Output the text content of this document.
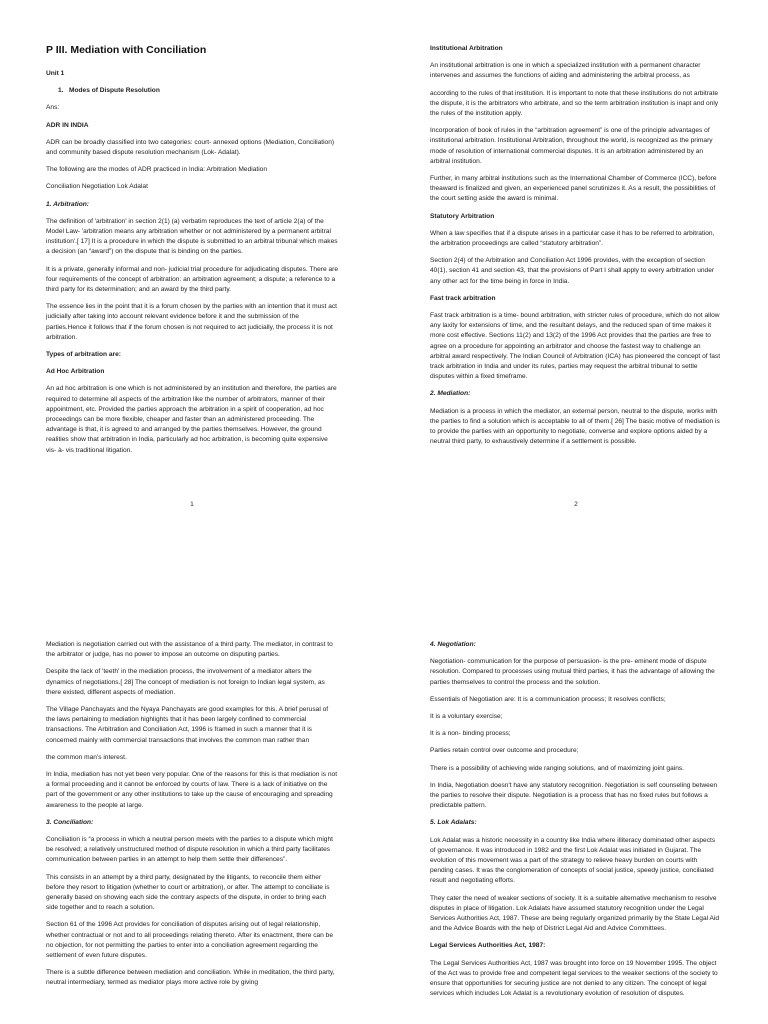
P III. Mediation with Conciliation

Unit 1

1.   Modes of Dispute Resolution

Ans:

ADR IN INDIA

ADR can be broadly classified into two categories: court- annexed options (Mediation, Conciliation) and community based dispute resolution mechanism (Lok- Adalat).

The following are the modes of ADR practiced in India: Arbitration Mediation

Conciliation Negotiation Lok Adalat

1. Arbitration:

The definition of 'arbitration' in section 2(1) (a) verbatim reproduces the text of article 2(a) of the Model Law- 'arbitration means any arbitration whether or not administered by a permanent arbitral institution'.[ 17] It is a procedure in which the dispute is submitted to an arbitral tribunal which makes a decision (an “award”) on the dispute that is binding on the parties.

It is a private, generally informal and non- judicial trial procedure for adjudicating disputes. There are four requirements of the concept of arbitration: an arbitration agreement; a dispute; a reference to a third party for its determination; and an award by the third party.

The essence lies in the point that it is a forum chosen by the parties with an intention that it must act judicially after taking into account relevant evidence before it and the submission of the parties.Hence it follows that if the forum chosen is not required to act judicially, the process it is not arbitration.

Types of arbitration are:

Ad Hoc Arbitration

An ad hoc arbitration is one which is not administered by an institution and therefore, the parties are required to determine all aspects of the arbitration like the number of arbitrators, manner of their appointment, etc. Provided the parties approach the arbitration in a spirit of cooperation, ad hoc proceedings can be more flexible, cheaper and faster than an administered proceeding. The advantage is that, it is agreed to and arranged by the parties themselves. However, the ground realities show that arbitration in India, particularly ad hoc arbitration, is becoming quite expensive vis- à- vis traditional litigation.

1

Institutional Arbitration

An institutional arbitration is one in which a specialized institution with a permanent character intervenes and assumes the functions of aiding and administering the arbitral process, as

according to the rules of that institution. It is important to note that these institutions do not arbitrate the dispute, it is the arbitrators who arbitrate, and so the term arbitration institution is inapt and only the rules of the institution apply.

Incorporation of book of rules in the “arbitration agreement” is one of the principle advantages of institutional arbitration. Institutional Arbitration, throughout the world, is recognized as the primary mode of resolution of international commercial disputes. It is an arbitration administered by an arbitral institution.

Further, in many arbitral institutions such as the International Chamber of Commerce (ICC), before theaward is finalized and given, an experienced panel scrutinizes it. As a result, the possibilities of the court setting aside the award is minimal.

Statutory Arbitration

When a law specifies that if a dispute arises in a particular case it has to be referred to arbitration, the arbitration proceedings are called “statutory arbitration”.

Section 2(4) of the Arbitration and Conciliation Act 1996 provides, with the exception of section 40(1), section 41 and section 43, that the provisions of Part I shall apply to every arbitration under any other act for the time being in force in India.

Fast track arbitration

Fast track arbitration is a time- bound arbitration, with stricter rules of procedure, which do not allow any laxity for extensions of time, and the resultant delays, and the reduced span of time makes it more cost effective. Sections 11(2) and 13(2) of the 1996 Act provides that the parties are free to agree on a procedure for appointing an arbitrator and choose the fastest way to challenge an arbitral award respectively. The Indian Council of Arbitration (ICA) has pioneered the concept of fast track arbitration in India and under its rules, parties may request the arbitral tribunal to settle disputes within a fixed timeframe.

2. Mediation:

Mediation is a process in which the mediator, an external person, neutral to the dispute, works with the parties to find a solution which is acceptable to all of them.[ 26] The basic motive of mediation is to provide the parties with an opportunity to negotiate, converse and explore options aided by a neutral third party, to exhaustively determine if a settlement is possible.

2

Mediation is negotiation carried out with the assistance of a third party. The mediator, in contrast to the arbitrator or judge, has no power to impose an outcome on disputing parties.

Despite the lack of 'teeth' in the mediation process, the involvement of a mediator alters the dynamics of negotiations.[ 28] The concept of mediation is not foreign to Indian legal system, as there existed, different aspects of mediation.

The Village Panchayats and the Nyaya Panchayats are good examples for this. A brief perusal of the laws pertaining to mediation highlights that it has been largely confined to commercial transactions. The Arbitration and Conciliation Act, 1996 is framed in such a manner that it is concerned mainly with commercial transactions that involves the common man rather than

the common man's interest.

In India, mediation has not yet been very popular. One of the reasons for this is that mediation is not a formal proceeding and it cannot be enforced by courts of law. There is a lack of initiative on the part of the government or any other institutions to take up the cause of encouraging and spreading awareness to the people at large.

3. Conciliation:

Conciliation is “a process in which a neutral person meets with the parties to a dispute which might be resolved; a relatively unstructured method of dispute resolution in which a third party facilitates communication between parties in an attempt to help them settle their differences”.

This consists in an attempt by a third party, designated by the litigants, to reconcile them either before they resort to litigation (whether to court or arbitration), or after. The attempt to conciliate is generally based on showing each side the contrary aspects of the dispute, in order to bring each side together and to reach a solution.

Section 61 of the 1996 Act provides for conciliation of disputes arising out of legal relationship, whether contractual or not and to all proceedings relating thereto. After its enactment, there can be no objection, for not permitting the parties to enter into a conciliation agreement regarding the settlement of even future disputes.

There is a subtle difference between mediation and conciliation. While in meditation, the third party, neutral intermediary, termed as mediator plays more active role by giving

4. Negotiation:

Negotiation- communication for the purpose of persuasion- is the pre- eminent mode of dispute resolution. Compared to processes using mutual third parties, it has the advantage of allowing the parties themselves to control the process and the solution.

Essentials of Negotiation are: It is a communication process; It resolves conflicts;

It is a voluntary exercise;

It is a non- binding process;

Parties retain control over outcome and procedure;

There is a possibility of achieving wide ranging solutions, and of maximizing joint gains.

In India, Negotiation doesn't have any statutory recognition. Negotiation is self counseling between the parties to resolve their dispute. Negotiation is a process that has no fixed rules but follows a predictable pattern.

5. Lok Adalats:

Lok Adalat was a historic necessity in a country like India where illiteracy dominated other aspects of governance. It was introduced in 1982 and the first Lok Adalat was initiated in Gujarat. The evolution of this movement was a part of the strategy to relieve heavy burden on courts with pending cases. It was the conglomeration of concepts of social justice, speedy justice, conciliated result and negotiating efforts.

They cater the need of weaker sections of society. It is a suitable alternative mechanism to resolve disputes in place of litigation. Lok Adalats have assumed statutory recognition under the Legal Services Authorities Act, 1987. These are being regularly organized primarily by the State Legal Aid and the Advice Boards with the help of District Legal Aid and Advice Committees.

Legal Services Authorities Act, 1987:

The Legal Services Authorities Act, 1987 was brought into force on 19 November 1995. The object of the Act was to provide free and competent legal services to the weaker sections of the society to ensure that opportunities for securing justice are not denied to any citizen. The concept of legal services which includes Lok Adalat is a revolutionary evolution of resolution of disputes.
